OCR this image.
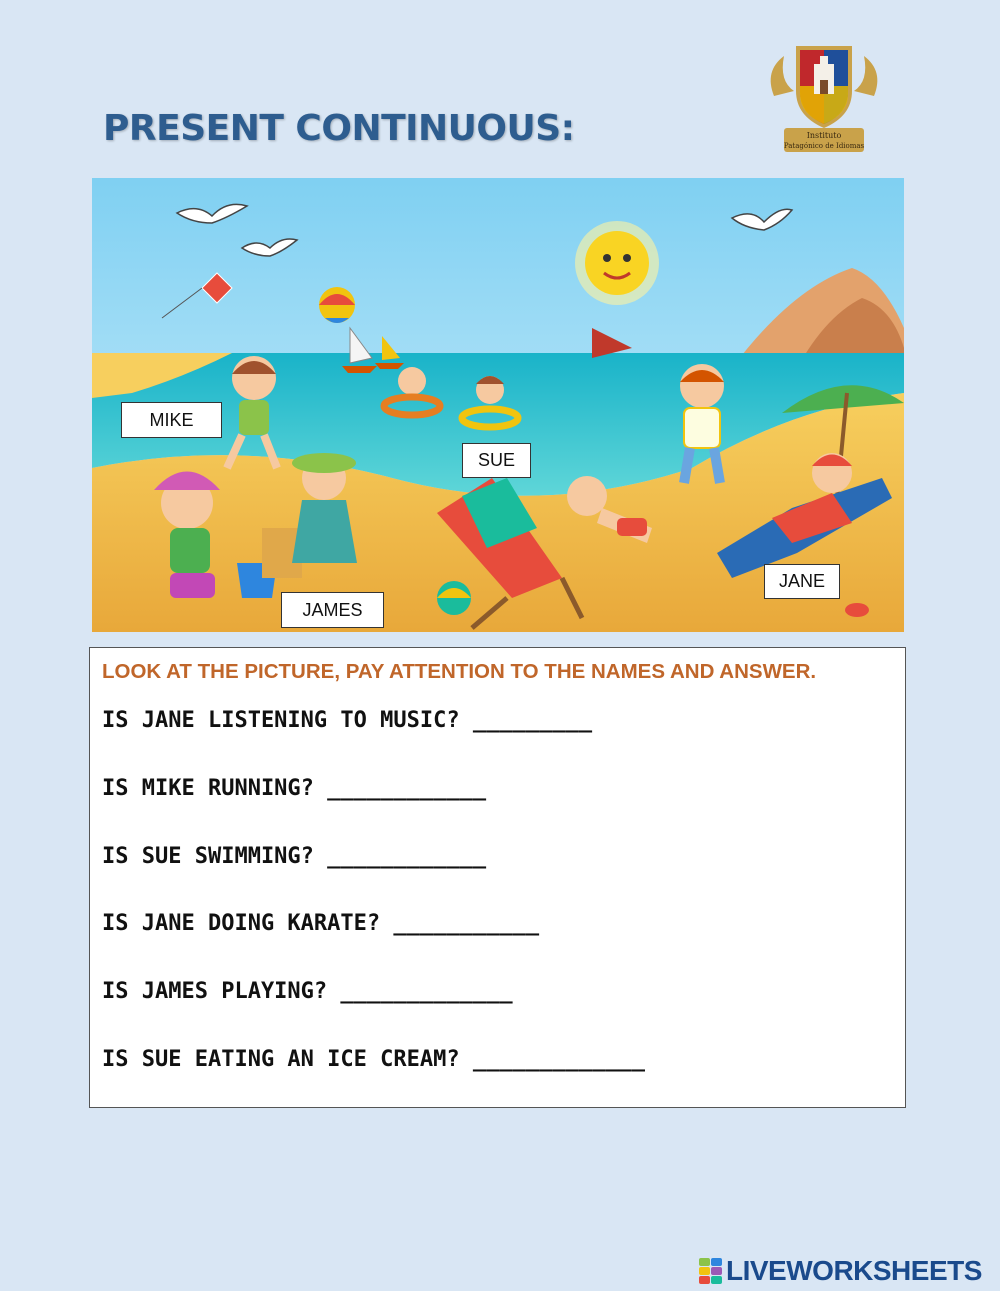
PRESENT CONTINUOUS:	Instituto
Patagónico de Idiomas
MIKE
SUE
JAMES
JANE
LOOK AT THE PICTURE, PAY ATTENTION TO THE NAMES AND ANSWER.
IS JANE LISTENING TO MUSIC? _________
IS MIKE RUNNING? ____________
IS SUE SWIMMING? ____________
IS JANE DOING KARATE? ___________
IS JAMES PLAYING? _____________
IS SUE EATING AN ICE CREAM? _____________
LIVEWORKSHEETS
